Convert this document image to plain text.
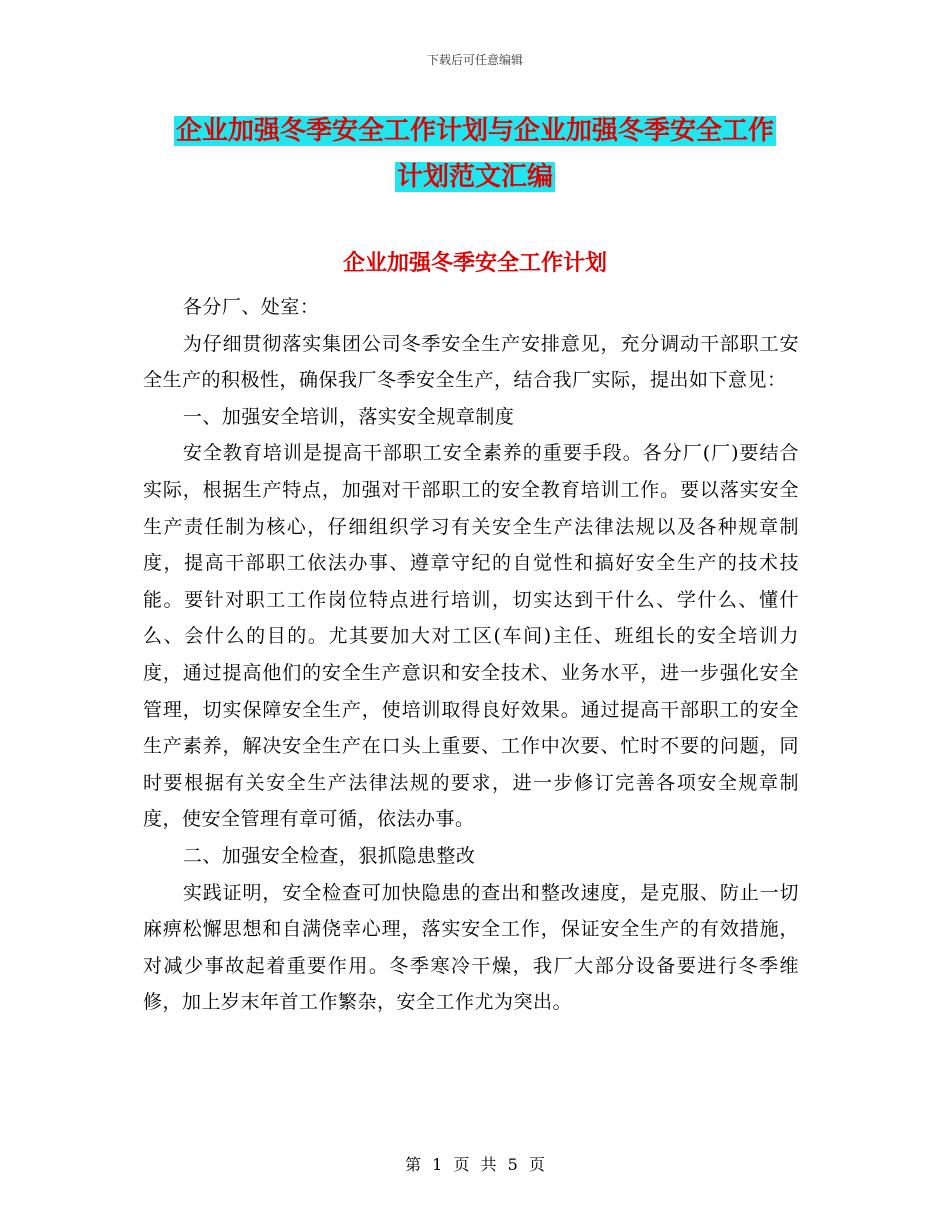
下载后可任意编辑
企业加强冬季安全工作计划与企业加强冬季安全工作
计划范文汇编
企业加强冬季安全工作计划

各分厂、处室：

为仔细贯彻落实集团公司冬季安全生产安排意见，充分调动干部职工安全生产的积极性，确保我厂冬季安全生产，结合我厂实际，提出如下意见：

一、加强安全培训，落实安全规章制度

安全教育培训是提高干部职工安全素养的重要手段。各分厂(厂)要结合实际，根据生产特点，加强对干部职工的安全教育培训工作。要以落实安全生产责任制为核心，仔细组织学习有关安全生产法律法规以及各种规章制度，提高干部职工依法办事、遵章守纪的自觉性和搞好安全生产的技术技能。要针对职工工作岗位特点进行培训，切实达到干什么、学什么、懂什么、会什么的目的。尤其要加大对工区(车间)主任、班组长的安全培训力度，通过提高他们的安全生产意识和安全技术、业务水平，进一步强化安全管理，切实保障安全生产，使培训取得良好效果。通过提高干部职工的安全生产素养，解决安全生产在口头上重要、工作中次要、忙时不要的问题，同时要根据有关安全生产法律法规的要求，进一步修订完善各项安全规章制度，使安全管理有章可循，依法办事。

二、加强安全检查，狠抓隐患整改

实践证明，安全检查可加快隐患的查出和整改速度，是克服、防止一切麻痹松懈思想和自满侥幸心理，落实安全工作，保证安全生产的有效措施，对减少事故起着重要作用。冬季寒冷干燥，我厂大部分设备要进行冬季维修，加上岁末年首工作繁杂，安全工作尤为突出。

第 1 页 共 5 页
